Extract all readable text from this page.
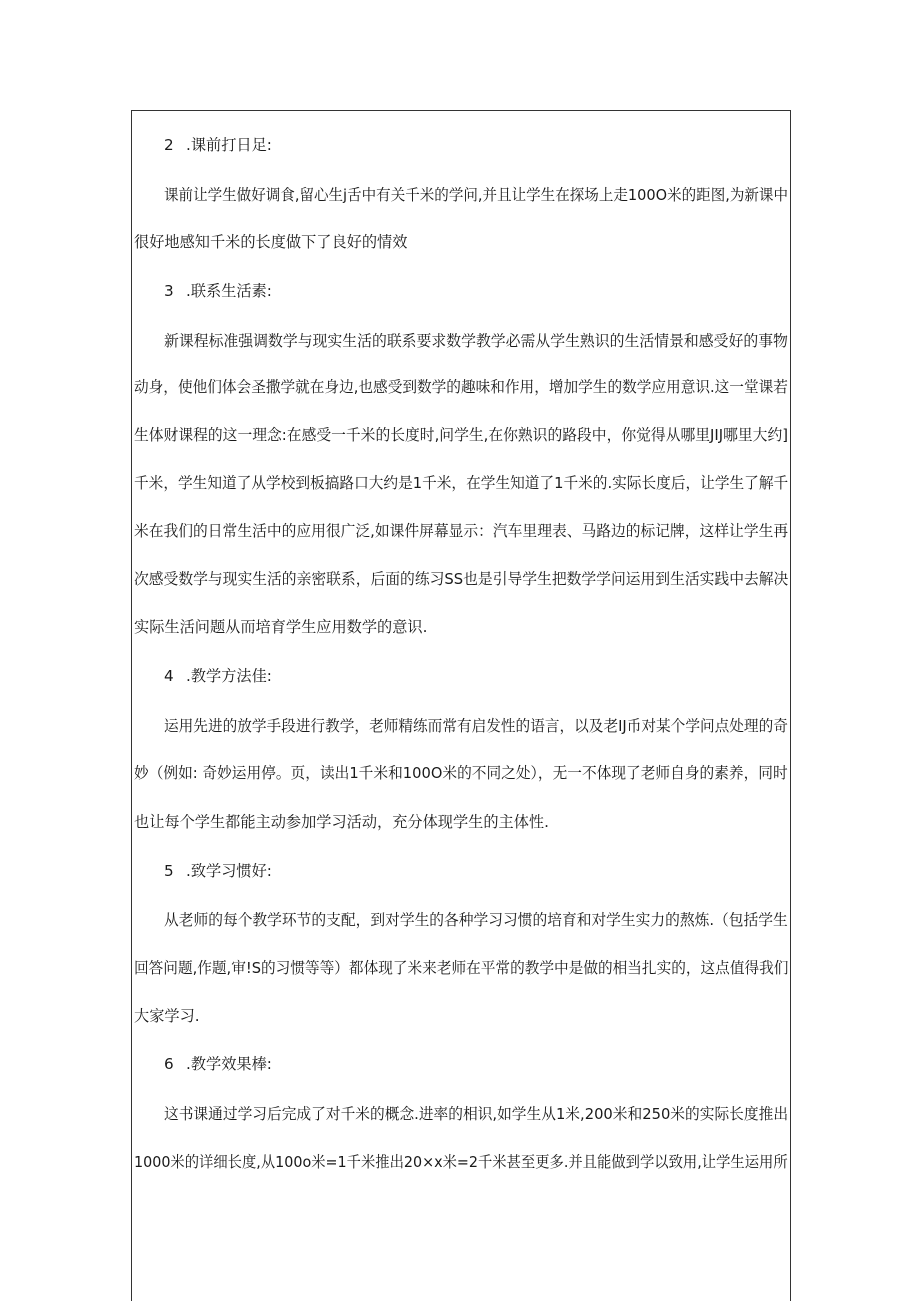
2 .课前打日足:
课前让学生做好调食,留心生j舌中有关千米的学问,并且让学生在探场上走100O米的距图,为新课中
很好地感知千米的长度做下了良好的情效
3 .联系生活素:
新课程标准强调数学与现实生活的联系要求数学教学必需从学生熟识的生活情景和感受好的事物
动身，使他们体会圣撒学就在身边,也感受到数学的趣味和作用，增加学生的数学应用意识.这一堂课若
生体财课程的这一理念:在感受一千米的长度时,问学生,在你熟识的路段中，你觉得从哪里JIJ哪里大约]
千米，学生知道了从学校到板搞路口大约是1千米，在学生知道了1千米的.实际长度后，让学生了解千
米在我们的日常生活中的应用很广泛,如课件屏幕显示：汽车里理表、马路边的标记牌，这样让学生再
次感受数学与现实生活的亲密联系，后面的练习SS也是引导学生把数学学问运用到生活实践中去解决
实际生活问题从而培育学生应用数学的意识.
4 .教学方法佳:
运用先进的放学手段进行教学，老师精练而常有启发性的语言，以及老IJ币对某个学问点处理的奇
妙（例如: 奇妙运用停。页，读出1千米和100O米的不同之处），无一不体现了老师自身的素养，同时
也让每个学生都能主动参加学习活动，充分体现学生的主体性.
5 .致学习惯好:
从老师的每个教学环节的支配，到对学生的各种学习习惯的培育和对学生实力的熬炼.（包括学生
回答问题,作题,审!S的习惯等等）都体现了米来老师在平常的教学中是做的相当扎实的，这点值得我们
大家学习.
6 .教学效果棒:
这书课通过学习后完成了对千米的概念.进率的相识,如学生从1米,200米和250米的实际长度推出
1000米的详细长度,从100o米=1千米推出20×x米=2千米甚至更多.并且能做到学以致用,让学生运用所
